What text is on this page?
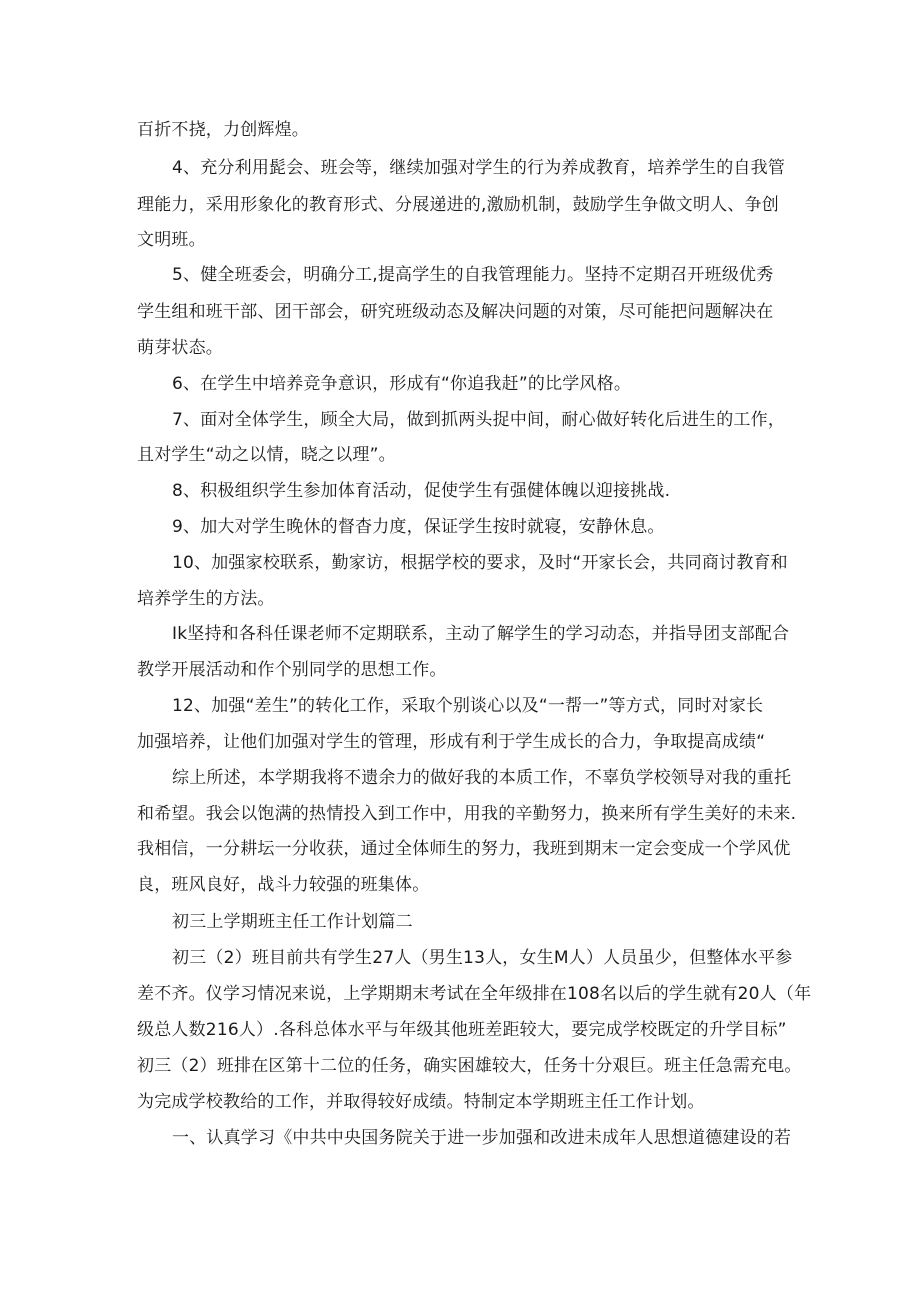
百折不挠，力创辉煌。

4、充分利用髭会、班会等，继续加强对学生的行为养成教育，培养学生的自我管

理能力，采用形象化的教育形式、分展递进的,激励机制，鼓励学生争做文明人、争创

文明班。

5、健全班委会，明确分工,提高学生的自我管理能力。坚持不定期召开班级优秀

学生组和班干部、团干部会，研究班级动态及解决问题的对策，尽可能把问题解决在

萌芽状态。

6、在学生中培养竞争意识，形成有“你追我赶”的比学风格。

7、面对全体学生，顾全大局，做到抓两头捉中间，耐心做好转化后进生的工作，

且对学生“动之以情，晓之以理”。

8、积极组织学生参加体育活动，促使学生有强健体魄以迎接挑战.

9、加大对学生晚休的督杳力度，保证学生按时就寝，安静休息。

10、加强家校联系，勤家访，根据学校的要求，及时“开家长会，共同商讨教育和

培养学生的方法。

Ik坚持和各科任课老师不定期联系，主动了解学生的学习动态，并指导团支部配合

教学开展活动和作个别同学的思想工作。

12、加强“差生”的转化工作，采取个别谈心以及“一帮一”等方式，同时对家长

加强培养，让他们加强对学生的管理，形成有利于学生成长的合力，争取提高成绩“

综上所述，本学期我将不遗余力的做好我的本质工作，不辜负学校领导对我的重托

和希望。我会以饱满的热情投入到工作中，用我的辛勤努力，换来所有学生美好的未来.

我相信，一分耕坛一分收获，通过全体师生的努力，我班到期末一定会变成一个学风优

良，班风良好，战斗力较强的班集体。

初三上学期班主任工作计划篇二

初三（2）班目前共有学生27人（男生13人，女生M人）人员虽少，但整体水平参

差不齐。仪学习情况来说，上学期期末考试在全年级排在108名以后的学生就有20人（年

级总人数216人）.各科总体水平与年级其他班差距较大，要完成学校既定的升学目标”

初三（2）班排在区第十二位的任务，确实困雄较大，任务十分艰巨。班主任急需充电。

为完成学校教给的工作，并取得较好成绩。特制定本学期班主任工作计划。

一、认真学习《中共中央国务院关于进一步加强和改进未成年人思想道德建设的若
